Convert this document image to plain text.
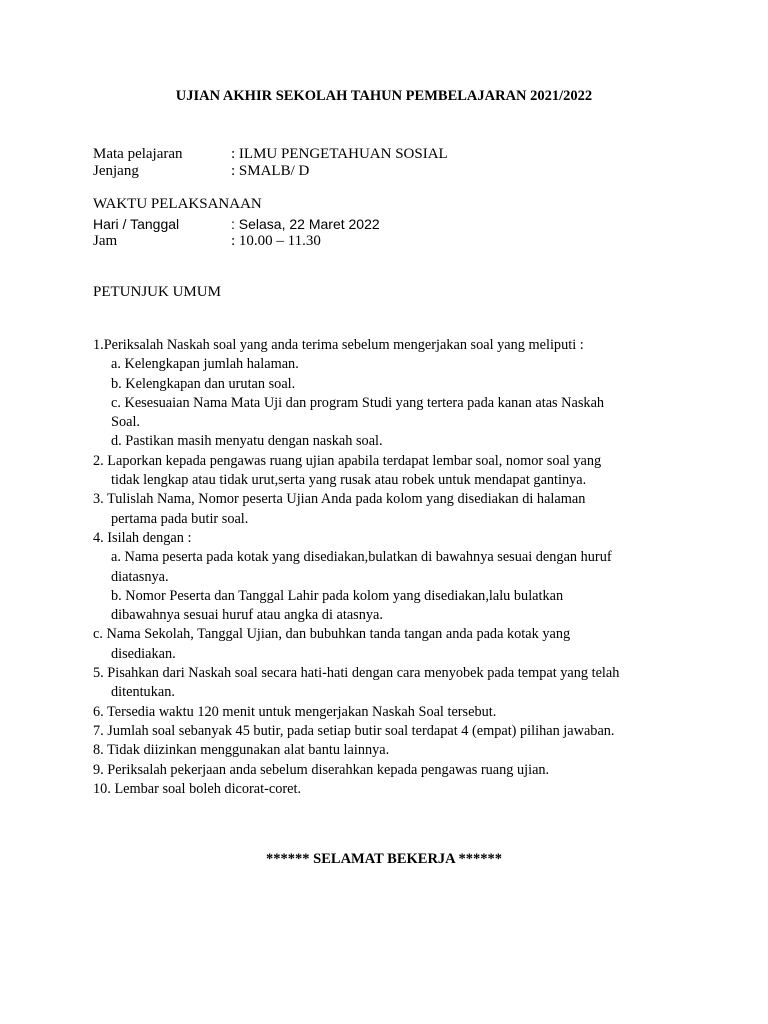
UJIAN AKHIR SEKOLAH TAHUN PEMBELAJARAN 2021/2022
Mata pelajaran	: ILMU PENGETAHUAN SOSIAL
Jenjang	: SMALB/ D
WAKTU PELAKSANAAN
Hari / Tanggal	: Selasa, 22 Maret 2022
Jam	: 10.00 – 11.30
PETUNJUK UMUM
1.Periksalah Naskah soal yang anda terima sebelum mengerjakan soal yang meliputi :
a. Kelengkapan jumlah halaman.
b. Kelengkapan dan urutan soal.
c. Kesesuaian Nama Mata Uji dan program Studi yang tertera pada kanan atas Naskah
Soal.
d. Pastikan masih menyatu dengan naskah soal.
2. Laporkan kepada pengawas ruang ujian apabila terdapat lembar soal, nomor soal yang
tidak lengkap atau tidak urut,serta yang rusak atau robek untuk mendapat gantinya.
3. Tulislah Nama, Nomor peserta Ujian Anda pada kolom yang disediakan di halaman
pertama pada butir soal.
4. Isilah dengan :
a. Nama peserta pada kotak yang disediakan,bulatkan di bawahnya sesuai dengan huruf
diatasnya.
b. Nomor Peserta dan Tanggal Lahir pada kolom yang disediakan,lalu bulatkan
dibawahnya sesuai huruf atau angka di atasnya.
c. Nama Sekolah, Tanggal Ujian, dan bubuhkan tanda tangan anda pada kotak yang
disediakan.
5. Pisahkan dari Naskah soal secara hati-hati dengan cara menyobek pada tempat yang telah
ditentukan.
6. Tersedia waktu 120 menit untuk mengerjakan Naskah Soal tersebut.
7. Jumlah soal sebanyak 45 butir, pada setiap butir soal terdapat 4 (empat) pilihan jawaban.
8. Tidak diizinkan menggunakan alat bantu lainnya.
9. Periksalah pekerjaan anda sebelum diserahkan kepada pengawas ruang ujian.
10. Lembar soal boleh dicorat-coret.
****** SELAMAT BEKERJA ******
